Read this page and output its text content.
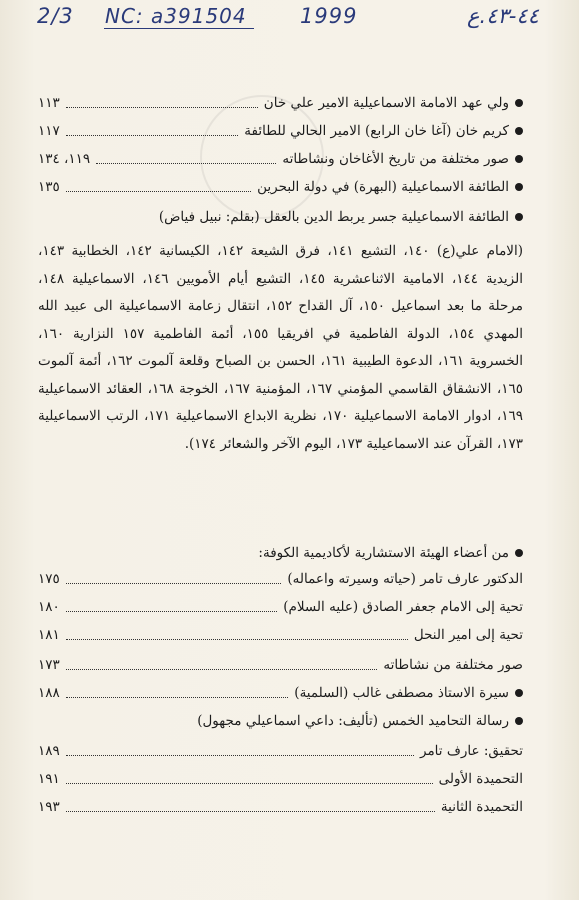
2/3 NC: a391504	1999	٤٤-٤٣.ع
ولي عهد الامامة الاسماعيلية الامير علي خان
١١٣
كريم خان (آغا خان الرابع) الامير الحالي للطائفة
١١٧
صور مختلفة من تاريخ الأغاخان ونشاطاته
١١٩، ١٣٤
الطائفة الاسماعيلية (البهرة) في دولة البحرين
١٣٥
الطائفة الاسماعيلية جسر يربط الدين بالعقل (بقلم: نبيل فياض)
(الامام علي(ع) ١٤٠، التشيع ١٤١، فرق الشيعة ١٤٢، الكيسانية ١٤٢، الخطابية ١٤٣، الزيدية ١٤٤، الامامية الاثناعشرية ١٤٥، التشيع أيام الأمويين ١٤٦، الاسماعيلية ١٤٨، مرحلة ما بعد اسماعيل ١٥٠، آل القداح ١٥٢، انتقال زعامة الاسماعيلية الى عبيد الله المهدي ١٥٤، الدولة الفاطمية في افريقيا ١٥٥، أئمة الفاطمية ١٥٧ النزارية ١٦٠، الخسروية ١٦١، الدعوة الطيبية ١٦١، الحسن بن الصباح وقلعة آلموت ١٦٢، أئمة آلموت ١٦٥، الانشقاق القاسمي المؤمني ١٦٧، المؤمنية ١٦٧، الخوجة ١٦٨، العقائد الاسماعيلية ١٦٩، ادوار الامامة الاسماعيلية ١٧٠، نظرية الابداع الاسماعيلية ١٧١، الرتب الاسماعيلية ١٧٣، القرآن عند الاسماعيلية ١٧٣، اليوم الآخر والشعائر ١٧٤).
من أعضاء الهيئة الاستشارية لأكاديمية الكوفة:
الدكتور عارف تامر (حياته وسيرته واعماله)
١٧٥
تحية إلى الامام جعفر الصادق (عليه السلام)
١٨٠
تحية إلى امير النحل
١٨١
صور مختلفة من نشاطاته
١٧٣
سيرة الاستاذ مصطفى غالب (السلمية)
١٨٨
رسالة التحاميد الخمس (تأليف: داعي اسماعيلي مجهول)
تحقيق: عارف تامر
١٨٩
التحميدة الأولى
١٩١
التحميدة الثانية
١٩٣
